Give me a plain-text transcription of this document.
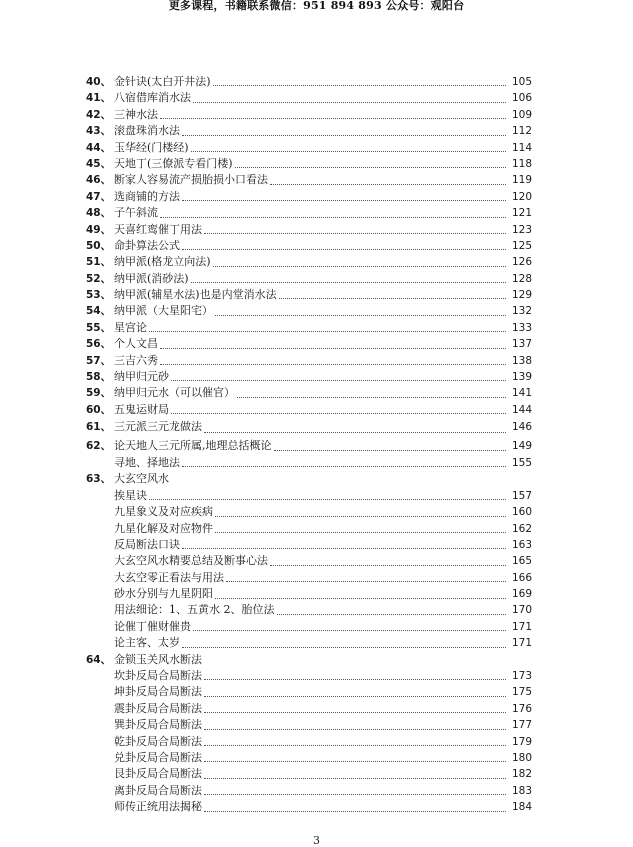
更多课程，书籍联系微信：951 894 893 公众号：观阳台
40、 金针诀(太白开井法)	105
41、 八宿借库消水法	106
42、 三神水法	109
43、 滚盘珠消水法	112
44、 玉华经(门楼经)	114
45、 天地丁(三僚派专看门楼)	118
46、 断家人容易流产损胎损小口看法	119
47、 选商铺的方法	120
48、 子午斜流	121
49、 天喜红鸾催丁用法	123
50、 命卦算法公式	125
51、 纳甲派(格龙立向法)	126
52、 纳甲派(消砂法)	128
53、 纳甲派(辅星水法)也是内堂消水法	129
54、 纳甲派（大星阳宅）	132
55、 星宫论	133
56、 个人文昌	137
57、 三吉六秀	138
58、 纳甲归元砂	139
59、 纳甲归元水（可以催官）	141
60、 五鬼运财局	144
61、 三元派三元龙做法	146
62、 论天地人三元所属,地理总括概论	149
寻地、择地法	155
63、 大玄空风水
挨星诀	157
九星象义及对应疾病	160
九星化解及对应物件	162
反局断法口诀	163
大玄空风水精要总结及断事心法	165
大玄空零正看法与用法	166
砂水分别与九星阴阳	169
用法细论：1、五黄水 2、胎位法	170
论催丁催财催贵	171
论主客、太岁	171
64、 金锁玉关风水断法
坎卦反局合局断法	173
坤卦反局合局断法	175
震卦反局合局断法	176
巽卦反局合局断法	177
乾卦反局合局断法	179
兑卦反局合局断法	180
艮卦反局合局断法	182
离卦反局合局断法	183
师传正统用法揭秘	184
3
